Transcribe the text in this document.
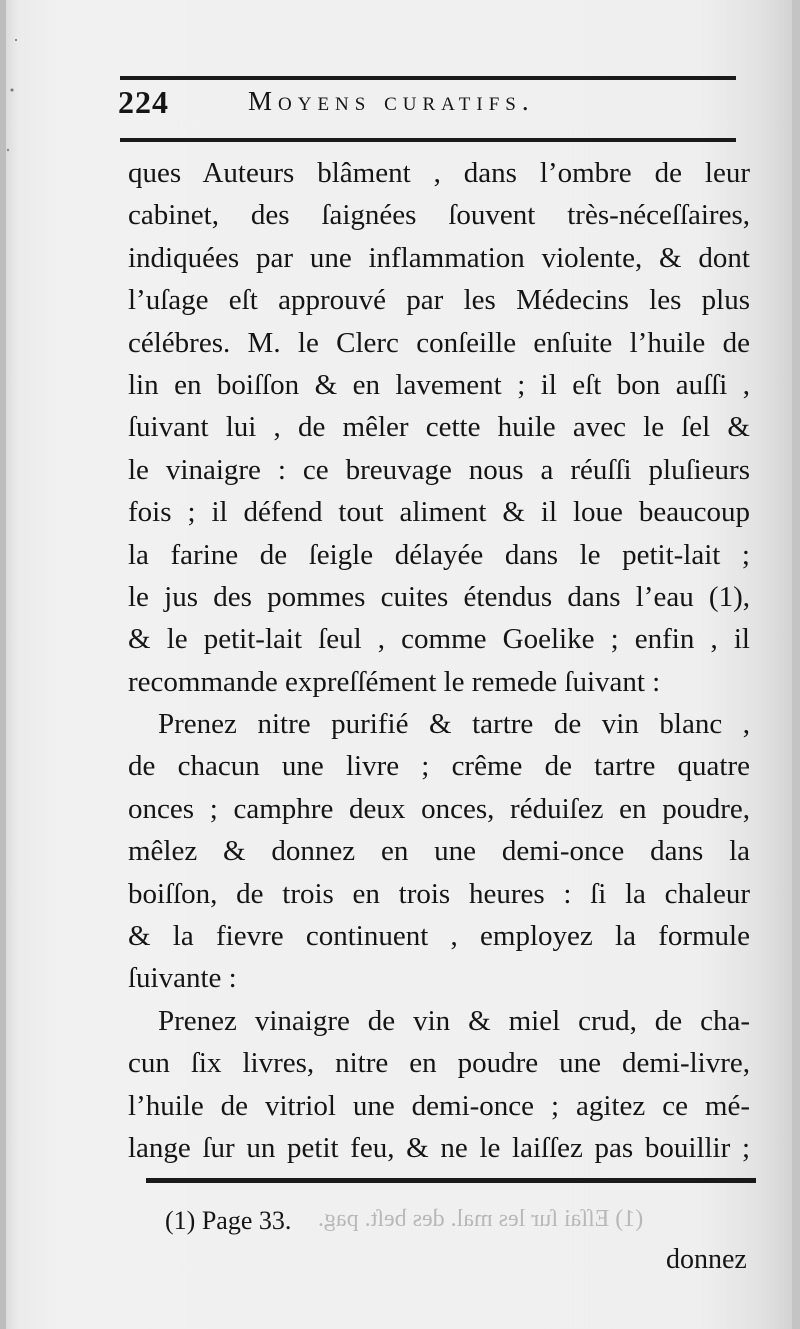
224	Moyens curatifs.
ques Auteurs blâment , dans l’ombre de leur
cabinet, des ſaignées ſouvent très-néceſſaires,
indiquées par une inflammation violente, & dont
l’uſage eſt approuvé par les Médecins les plus
célébres. M. le Clerc conſeille enſuite l’huile de
lin en boiſſon & en lavement ; il eſt bon auſſi ,
ſuivant lui , de mêler cette huile avec le ſel &
le vinaigre : ce breuvage nous a réuſſi pluſieurs
fois ; il défend tout aliment & il loue beaucoup
la farine de ſeigle délayée dans le petit-lait ;
le jus des pommes cuites étendus dans l’eau (1),
& le petit-lait ſeul , comme Goelike ; enfin , il
recommande expreſſément le remede ſuivant :
Prenez nitre purifié & tartre de vin blanc ,
de chacun une livre ; crême de tartre quatre
onces ; camphre deux onces, réduiſez en poudre,
mêlez & donnez en une demi-once dans la
boiſſon, de trois en trois heures : ſi la chaleur
& la fievre continuent , employez la formule
ſuivante :
Prenez vinaigre de vin & miel crud, de cha-
cun ſix livres, nitre en poudre une demi-livre,
l’huile de vitriol une demi-once ; agitez ce mé-
lange ſur un petit feu, & ne le laiſſez pas bouillir ;
(1) Eſſai ſur les mal. des beſt. pag.
(1) Page 33.
donnez
